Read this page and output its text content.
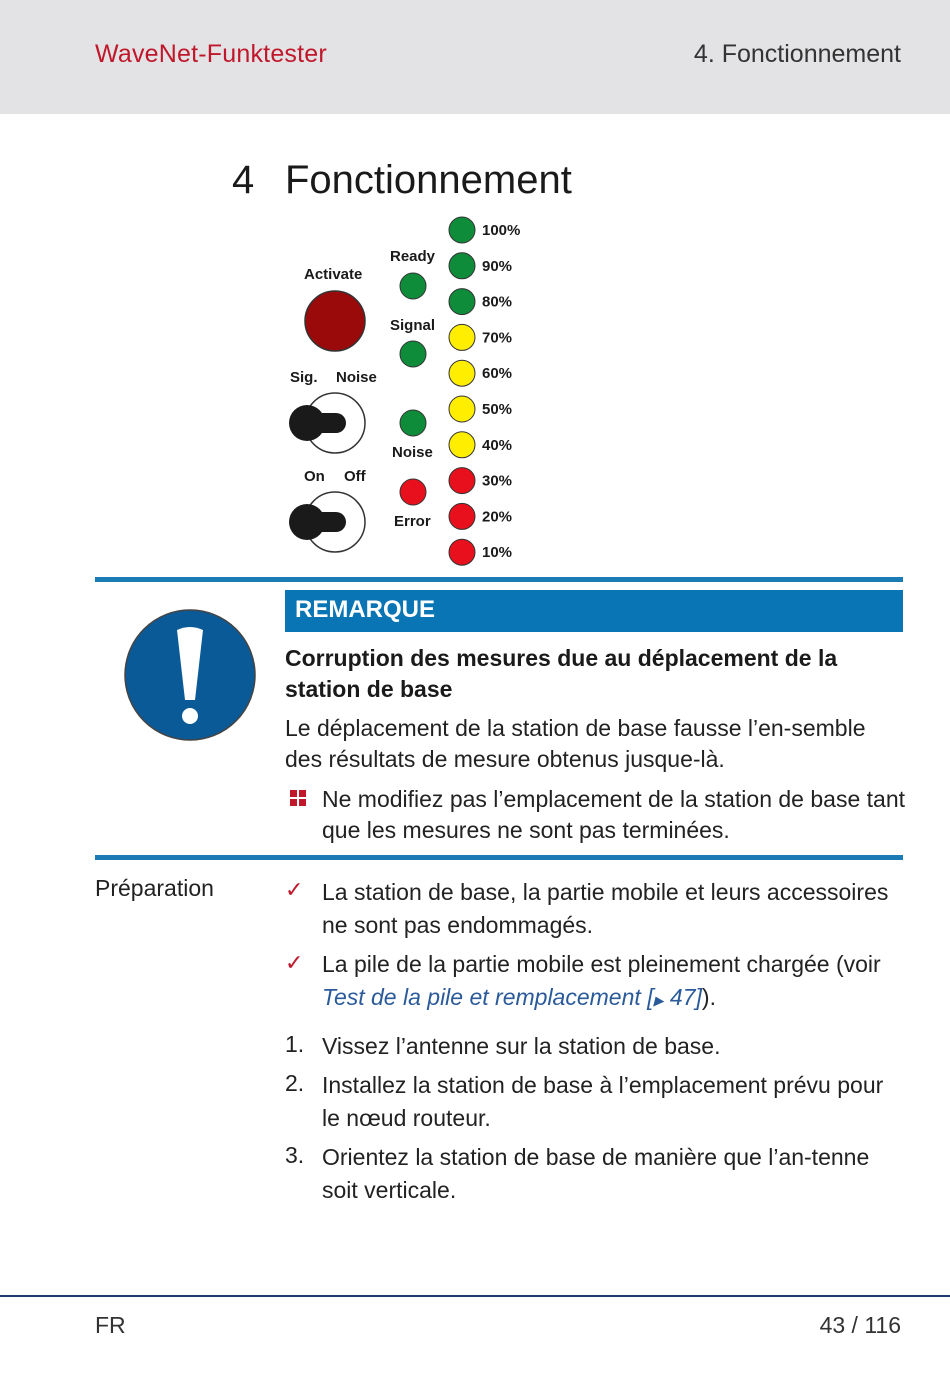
WaveNet-Funktester	4. Fonctionnement
4 Fonctionnement
Activate
Sig. Noise
On Off
Ready
Signal
Noise
Error
100%
90%
80%
70%
60%
50%
40%
30%
20%
10%
REMARQUE
Corruption des mesures due au déplacement de la station de base
Le déplacement de la station de base fausse l’en-semble des résultats de mesure obtenus jusque-là.
Ne modifiez pas l’emplacement de la station de base tant que les mesures ne sont pas terminées.
Préparation	✓ La station de base, la partie mobile et leurs accessoires ne sont pas endommagés.
✓ La pile de la partie mobile est pleinement chargée (voir Test de la pile et remplacement [▶ 47]).
1. Vissez l’antenne sur la station de base.
2. Installez la station de base à l’emplacement prévu pour le nœud routeur.
3. Orientez la station de base de manière que l’an-tenne soit verticale.
FR	43 / 116
